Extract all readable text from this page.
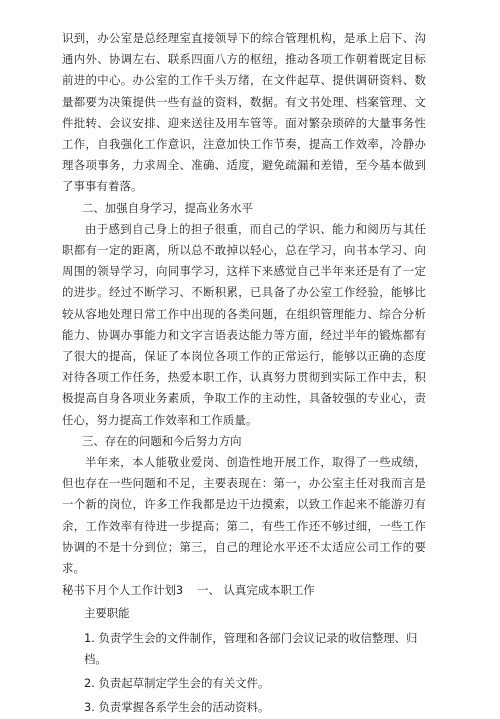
识到，办公室是总经理室直接领导下的综合管理机构，是承上启下、沟通内外、协调左右、联系四面八方的枢纽，推动各项工作朝着既定目标前进的中心。办公室的工作千头万绪，在文件起草、提供调研资料、数量都要为决策提供一些有益的资料，数据。有文书处理、档案管理、文件批转、会议安排、迎来送往及用车管等。面对繁杂琐碎的大量事务性工作，自我强化工作意识，注意加快工作节奏，提高工作效率，冷静办理各项事务，力求周全、准确、适度，避免疏漏和差错，至今基本做到了事事有着落。

二、加强自身学习，提高业务水平

由于感到自己身上的担子很重，而自己的学识、能力和阅历与其任职都有一定的距离，所以总不敢掉以轻心，总在学习，向书本学习、向周围的领导学习，向同事学习，这样下来感觉自己半年来还是有了一定的进步。经过不断学习、不断积累，已具备了办公室工作经验，能够比较从容地处理日常工作中出现的各类问题，在组织管理能力、综合分析能力、协调办事能力和文字言语表达能力等方面，经过半年的锻炼都有了很大的提高，保证了本岗位各项工作的正常运行，能够以正确的态度对待各项工作任务，热爱本职工作，认真努力贯彻到实际工作中去，积极提高自身各项业务素质，争取工作的主动性，具备较强的专业心，责任心，努力提高工作效率和工作质量。

三、存在的问题和今后努力方向

半年来，本人能敬业爱岗、创造性地开展工作，取得了一些成绩，但也存在一些问题和不足，主要表现在：第一，办公室主任对我而言是一个新的岗位，许多工作我都是边干边摸索，以致工作起来不能游刃有余，工作效率有待进一步提高；第二，有些工作还不够过细，一些工作协调的不是十分到位；第三，自己的理论水平还不太适应公司工作的要求。

秘书下月个人工作计划3 一、 认真完成本职工作

主要职能

1. 负责学生会的文件制作，管理和各部门会议记录的收信整理、归档。

2. 负责起草制定学生会的有关文件。

3. 负责掌握各系学生会的活动资料。
